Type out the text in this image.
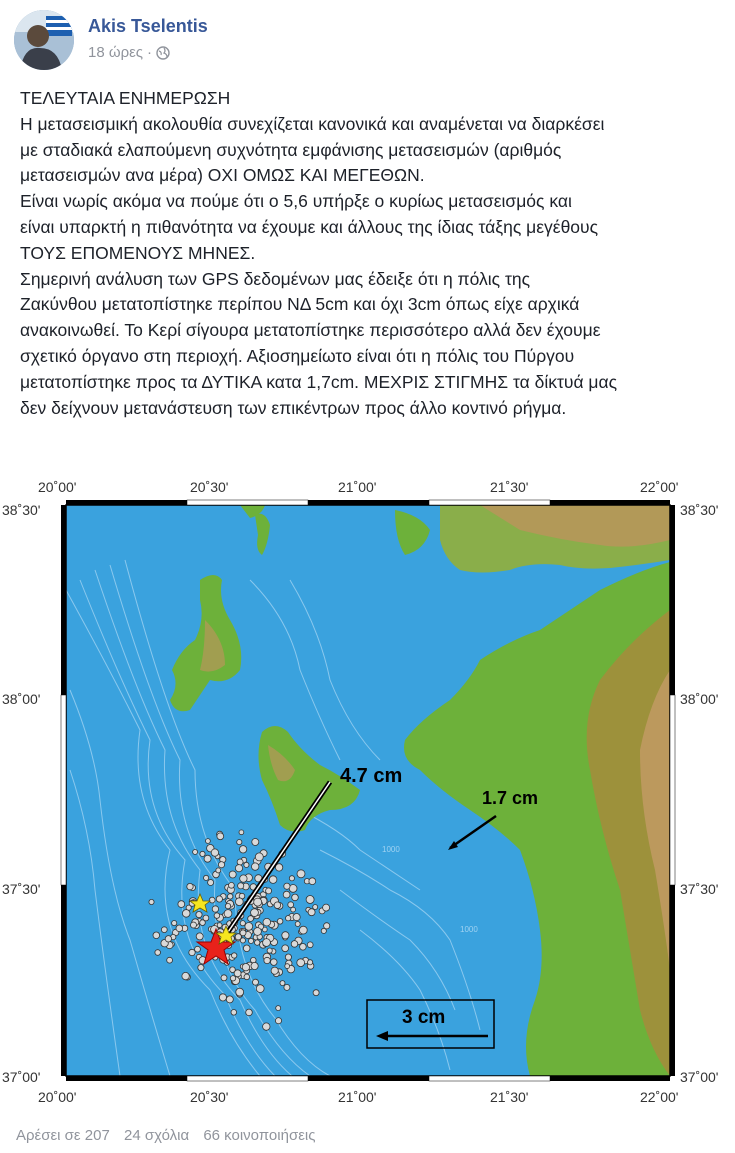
Akis Tselentis
18 ώρες ·

ΤΕΛΕΥΤΑΙΑ ΕΝΗΜΕΡΩΣΗ

Η μετασεισμική ακολουθία συνεχίζεται κανονικά και αναμένεται να διαρκέσει

με σταδιακά ελαπούμενη συχνότητα εμφάνισης μετασεισμών (αριθμός

μετασεισμών ανα μέρα) ΟΧΙ ΟΜΩΣ ΚΑΙ ΜΕΓΕΘΩΝ.

Είναι νωρίς ακόμα να πούμε ότι ο 5,6 υπήρξε ο κυρίως μετασεισμός και

είναι υπαρκτή η πιθανότητα να έχουμε και άλλους της ίδιας τάξης μεγέθους

ΤΟΥΣ ΕΠΟΜΕΝΟΥΣ ΜΗΝΕΣ.

Σημερινή ανάλυση των GPS δεδομένων μας έδειξε ότι η πόλις της

Ζακύνθου μετατοπίστηκε περίπου ΝΔ 5cm και όχι 3cm όπως είχε αρχικά

ανακοινωθεί. Το Κερί σίγουρα μετατοπίστηκε περισσότερο αλλά δεν έχουμε

σχετικό όργανο στη περιοχή. Αξιοσημείωτο είναι ότι η πόλις του Πύργου

μετατοπίστηκε προς τα ΔΥΤΙΚΑ κατα 1,7cm. ΜΕΧΡΙΣ ΣΤΙΓΜΗΣ τα δίκτυά μας

δεν δείχνουν μετανάστευση των επικέντρων προς άλλο κοντινό ρήγμα.

1000
1000
4.7 cm
1.7 cm
3 cm
20˚00'	20˚30'	21˚00'	21˚30'	22˚00'
20˚00'	20˚30'	21˚00'	21˚30'	22˚00'
38˚30'
38˚00'
37˚30'
37˚00'
38˚30'
38˚00'
37˚30'
37˚00'
Αρέσει σε 207 24 σχόλια 66 κοινοποιήσεις
